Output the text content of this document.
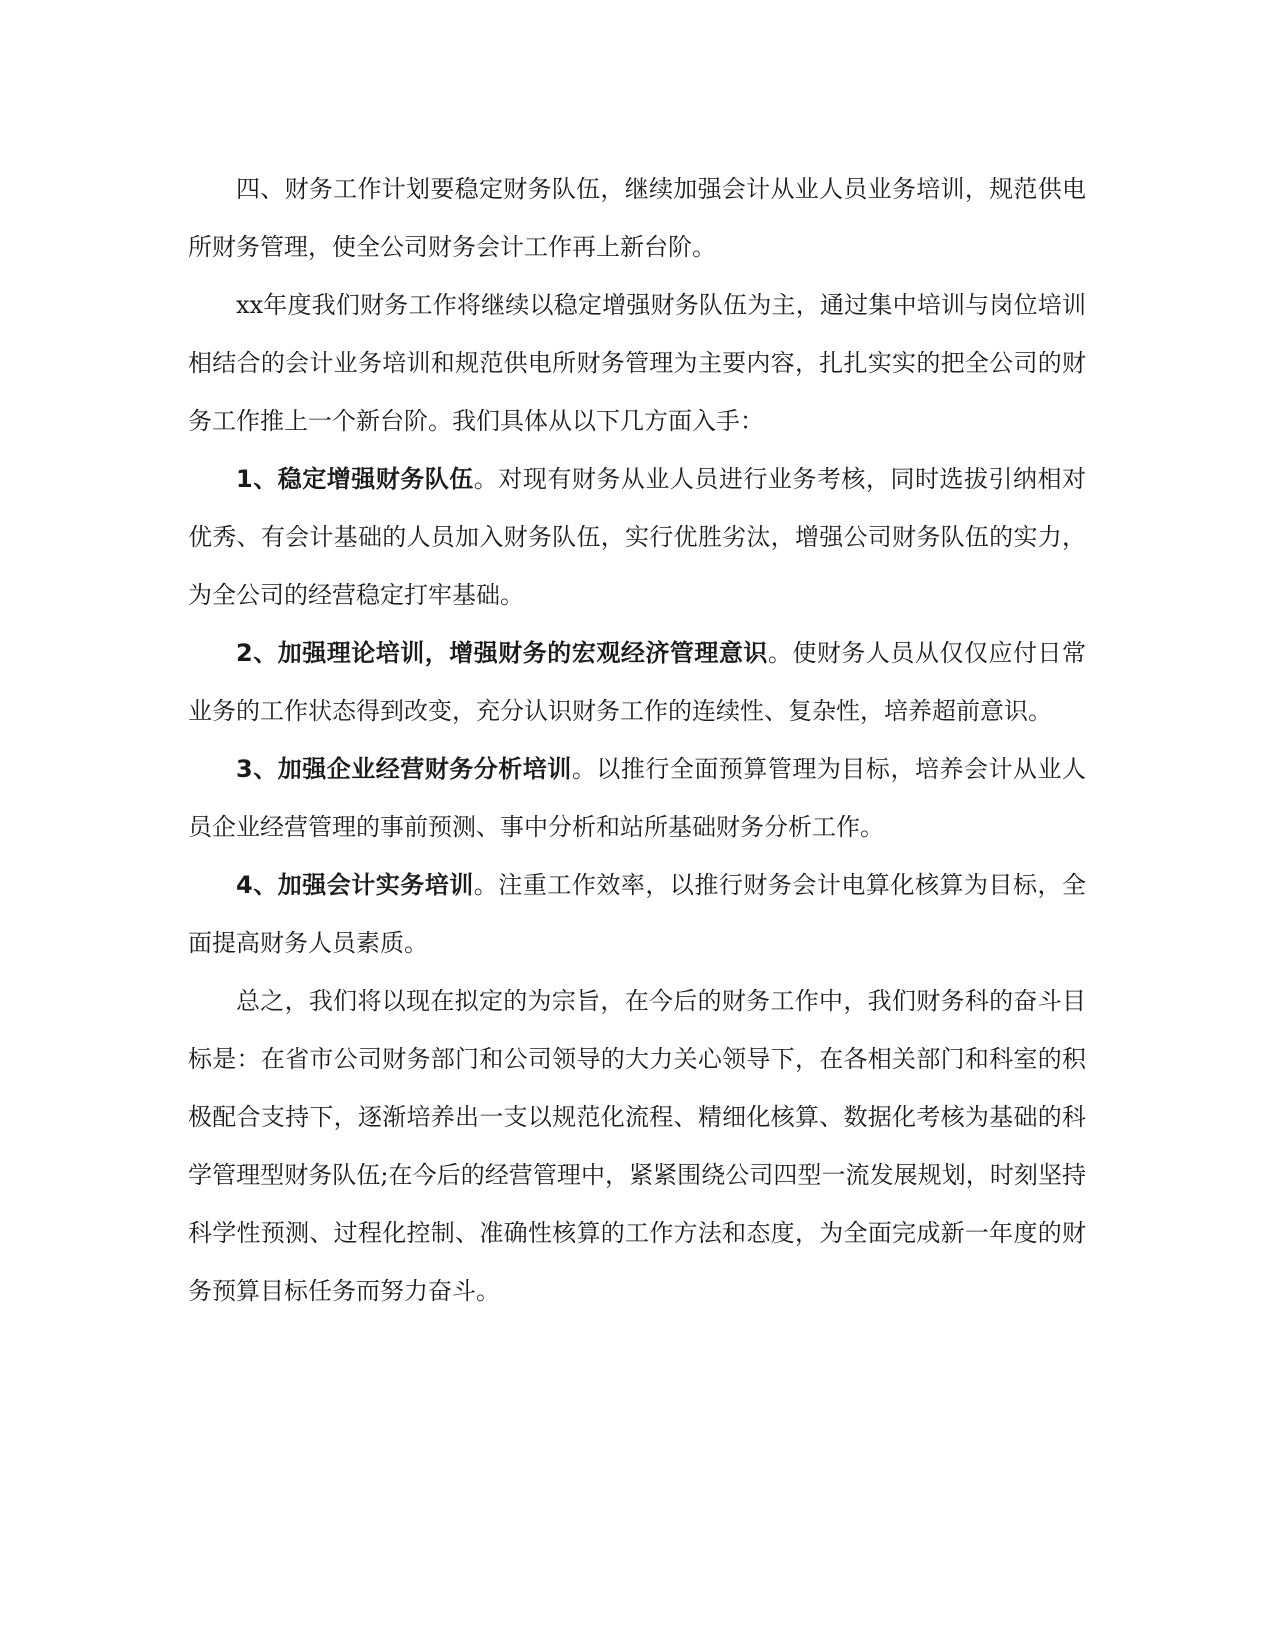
四、财务工作计划要稳定财务队伍，继续加强会计从业人员业务培训，规范供电所财务管理，使全公司财务会计工作再上新台阶。

xx年度我们财务工作将继续以稳定增强财务队伍为主，通过集中培训与岗位培训相结合的会计业务培训和规范供电所财务管理为主要内容，扎扎实实的把全公司的财务工作推上一个新台阶。我们具体从以下几方面入手：

1、稳定增强财务队伍。对现有财务从业人员进行业务考核，同时选拔引纳相对优秀、有会计基础的人员加入财务队伍，实行优胜劣汰，增强公司财务队伍的实力，为全公司的经营稳定打牢基础。

2、加强理论培训，增强财务的宏观经济管理意识。使财务人员从仅仅应付日常业务的工作状态得到改变，充分认识财务工作的连续性、复杂性，培养超前意识。

3、加强企业经营财务分析培训。以推行全面预算管理为目标，培养会计从业人员企业经营管理的事前预测、事中分析和站所基础财务分析工作。

4、加强会计实务培训。注重工作效率，以推行财务会计电算化核算为目标，全面提高财务人员素质。

总之，我们将以现在拟定的为宗旨，在今后的财务工作中，我们财务科的奋斗目标是：在省市公司财务部门和公司领导的大力关心领导下，在各相关部门和科室的积极配合支持下，逐渐培养出一支以规范化流程、精细化核算、数据化考核为基础的科学管理型财务队伍;在今后的经营管理中，紧紧围绕公司四型一流发展规划，时刻坚持科学性预测、过程化控制、准确性核算的工作方法和态度，为全面完成新一年度的财务预算目标任务而努力奋斗。
